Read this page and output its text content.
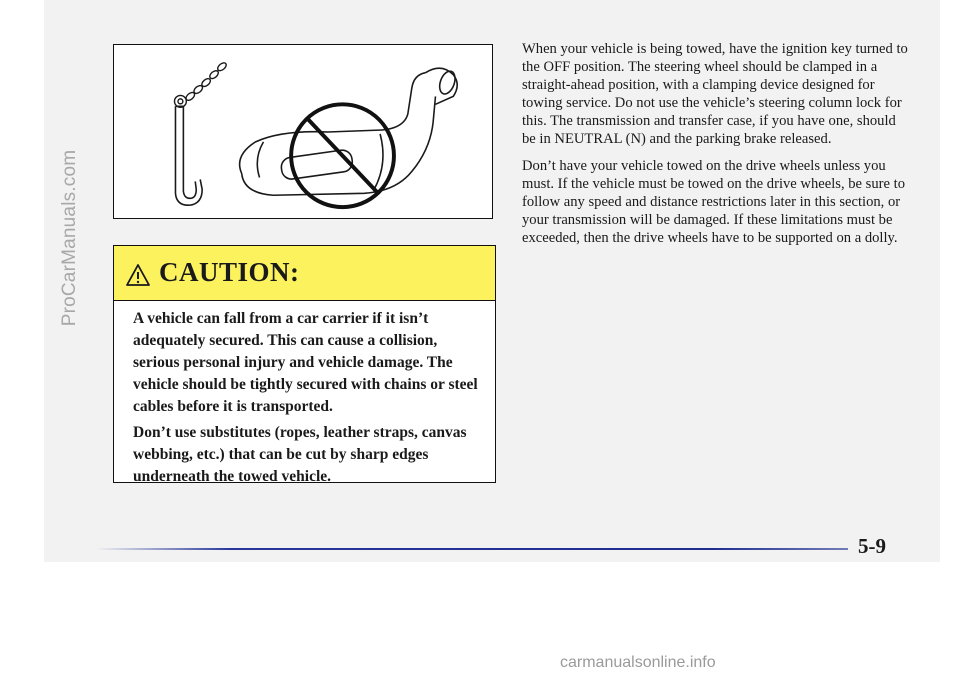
ProCarManuals.com	CAUTION:

A vehicle can fall from a car carrier if it isn’t adequately secured. This can cause a collision, serious personal injury and vehicle damage. The vehicle should be tightly secured with chains or steel cables before it is transported.

Don’t use substitutes (ropes, leather straps, canvas webbing, etc.) that can be cut by sharp edges underneath the towed vehicle.

When your vehicle is being towed, have the ignition key turned to the OFF position. The steering wheel should be clamped in a straight-ahead position, with a clamping device designed for towing service. Do not use the vehicle’s steering column lock for this. The transmission and transfer case, if you have one, should be in NEUTRAL (N) and the parking brake released.

Don’t have your vehicle towed on the drive wheels unless you must. If the vehicle must be towed on the drive wheels, be sure to follow any speed and distance restrictions later in this section, or your transmission will be damaged. If these limitations must be exceeded, then the drive wheels have to be supported on a dolly.

5-9
carmanualsonline.info
